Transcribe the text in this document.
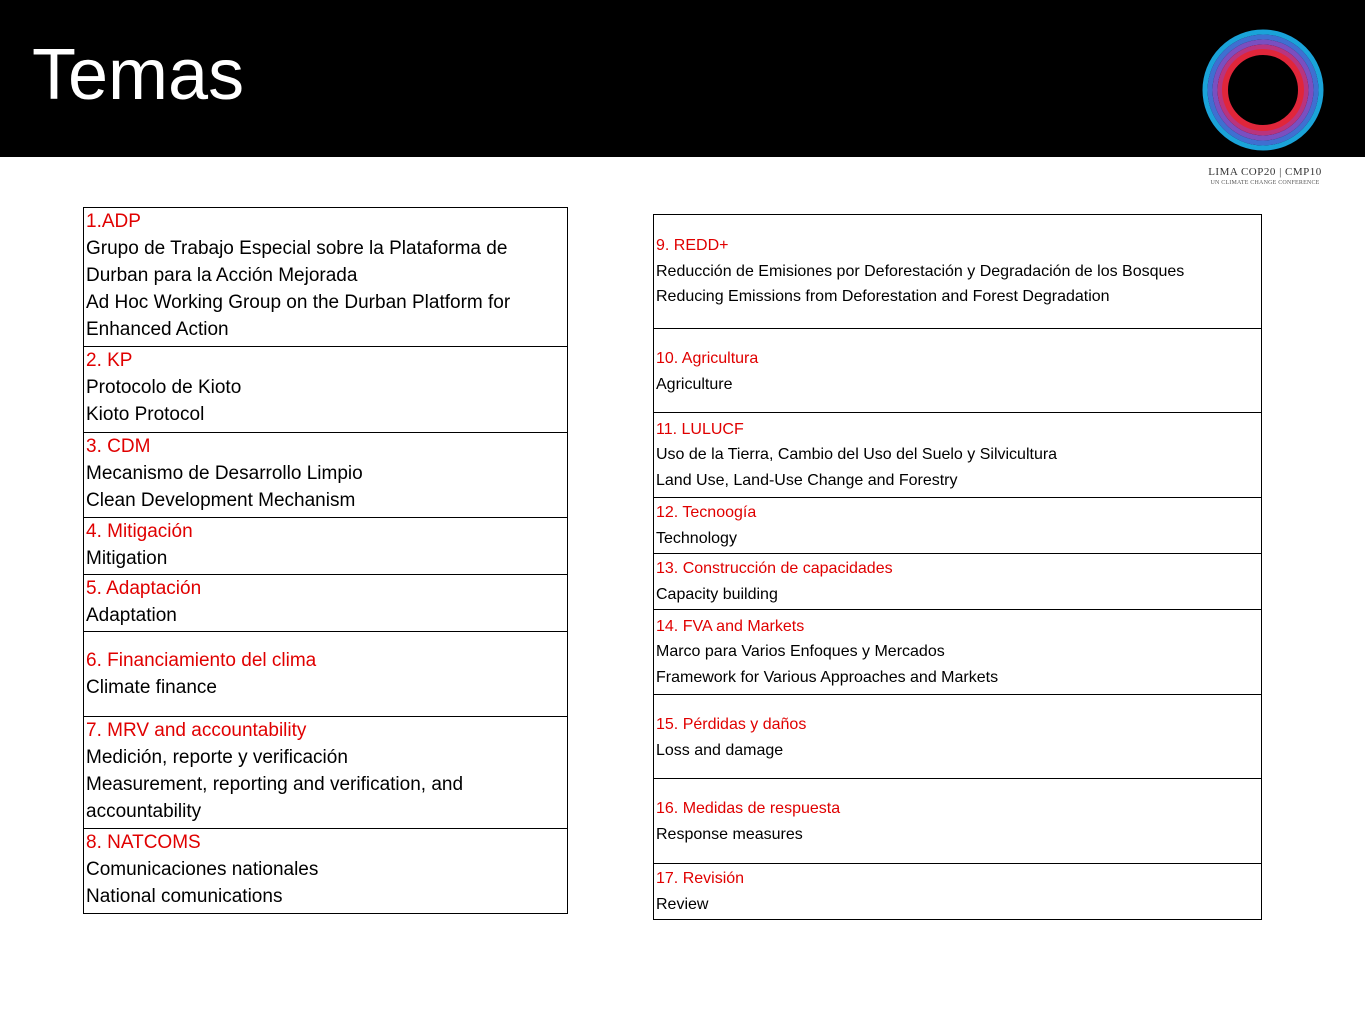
Temas
LIMA COP20 | CMP10
UN CLIMATE CHANGE CONFERENCE
1.ADP
Grupo de Trabajo Especial sobre la Plataforma de Durban para la Acción Mejorada
Ad Hoc Working Group on the Durban Platform for Enhanced Action

2. KP
Protocolo de Kioto
Kioto Protocol

3. CDM
Mecanismo de Desarrollo Limpio
Clean Development Mechanism

4. Mitigación
Mitigation

5. Adaptación
Adaptation

6. Financiamiento del clima
Climate finance

7. MRV and accountability
Medición, reporte y verificación
Measurement, reporting and verification, and accountability

8. NATCOMS
Comunicaciones nationales
National comunications
9. REDD+
Reducción de Emisiones por Deforestación y Degradación de los Bosques
Reducing Emissions from Deforestation and Forest Degradation

10. Agricultura
Agriculture

11. LULUCF
Uso de la Tierra, Cambio del Uso del Suelo y Silvicultura
Land Use, Land-Use Change and Forestry

12. Tecnoogía
Technology

13. Construcción de capacidades
Capacity building

14. FVA and Markets
Marco para Varios Enfoques y Mercados
Framework for Various Approaches and Markets

15. Pérdidas y daños
Loss and damage

16. Medidas de respuesta
Response measures

17. Revisión
Review
